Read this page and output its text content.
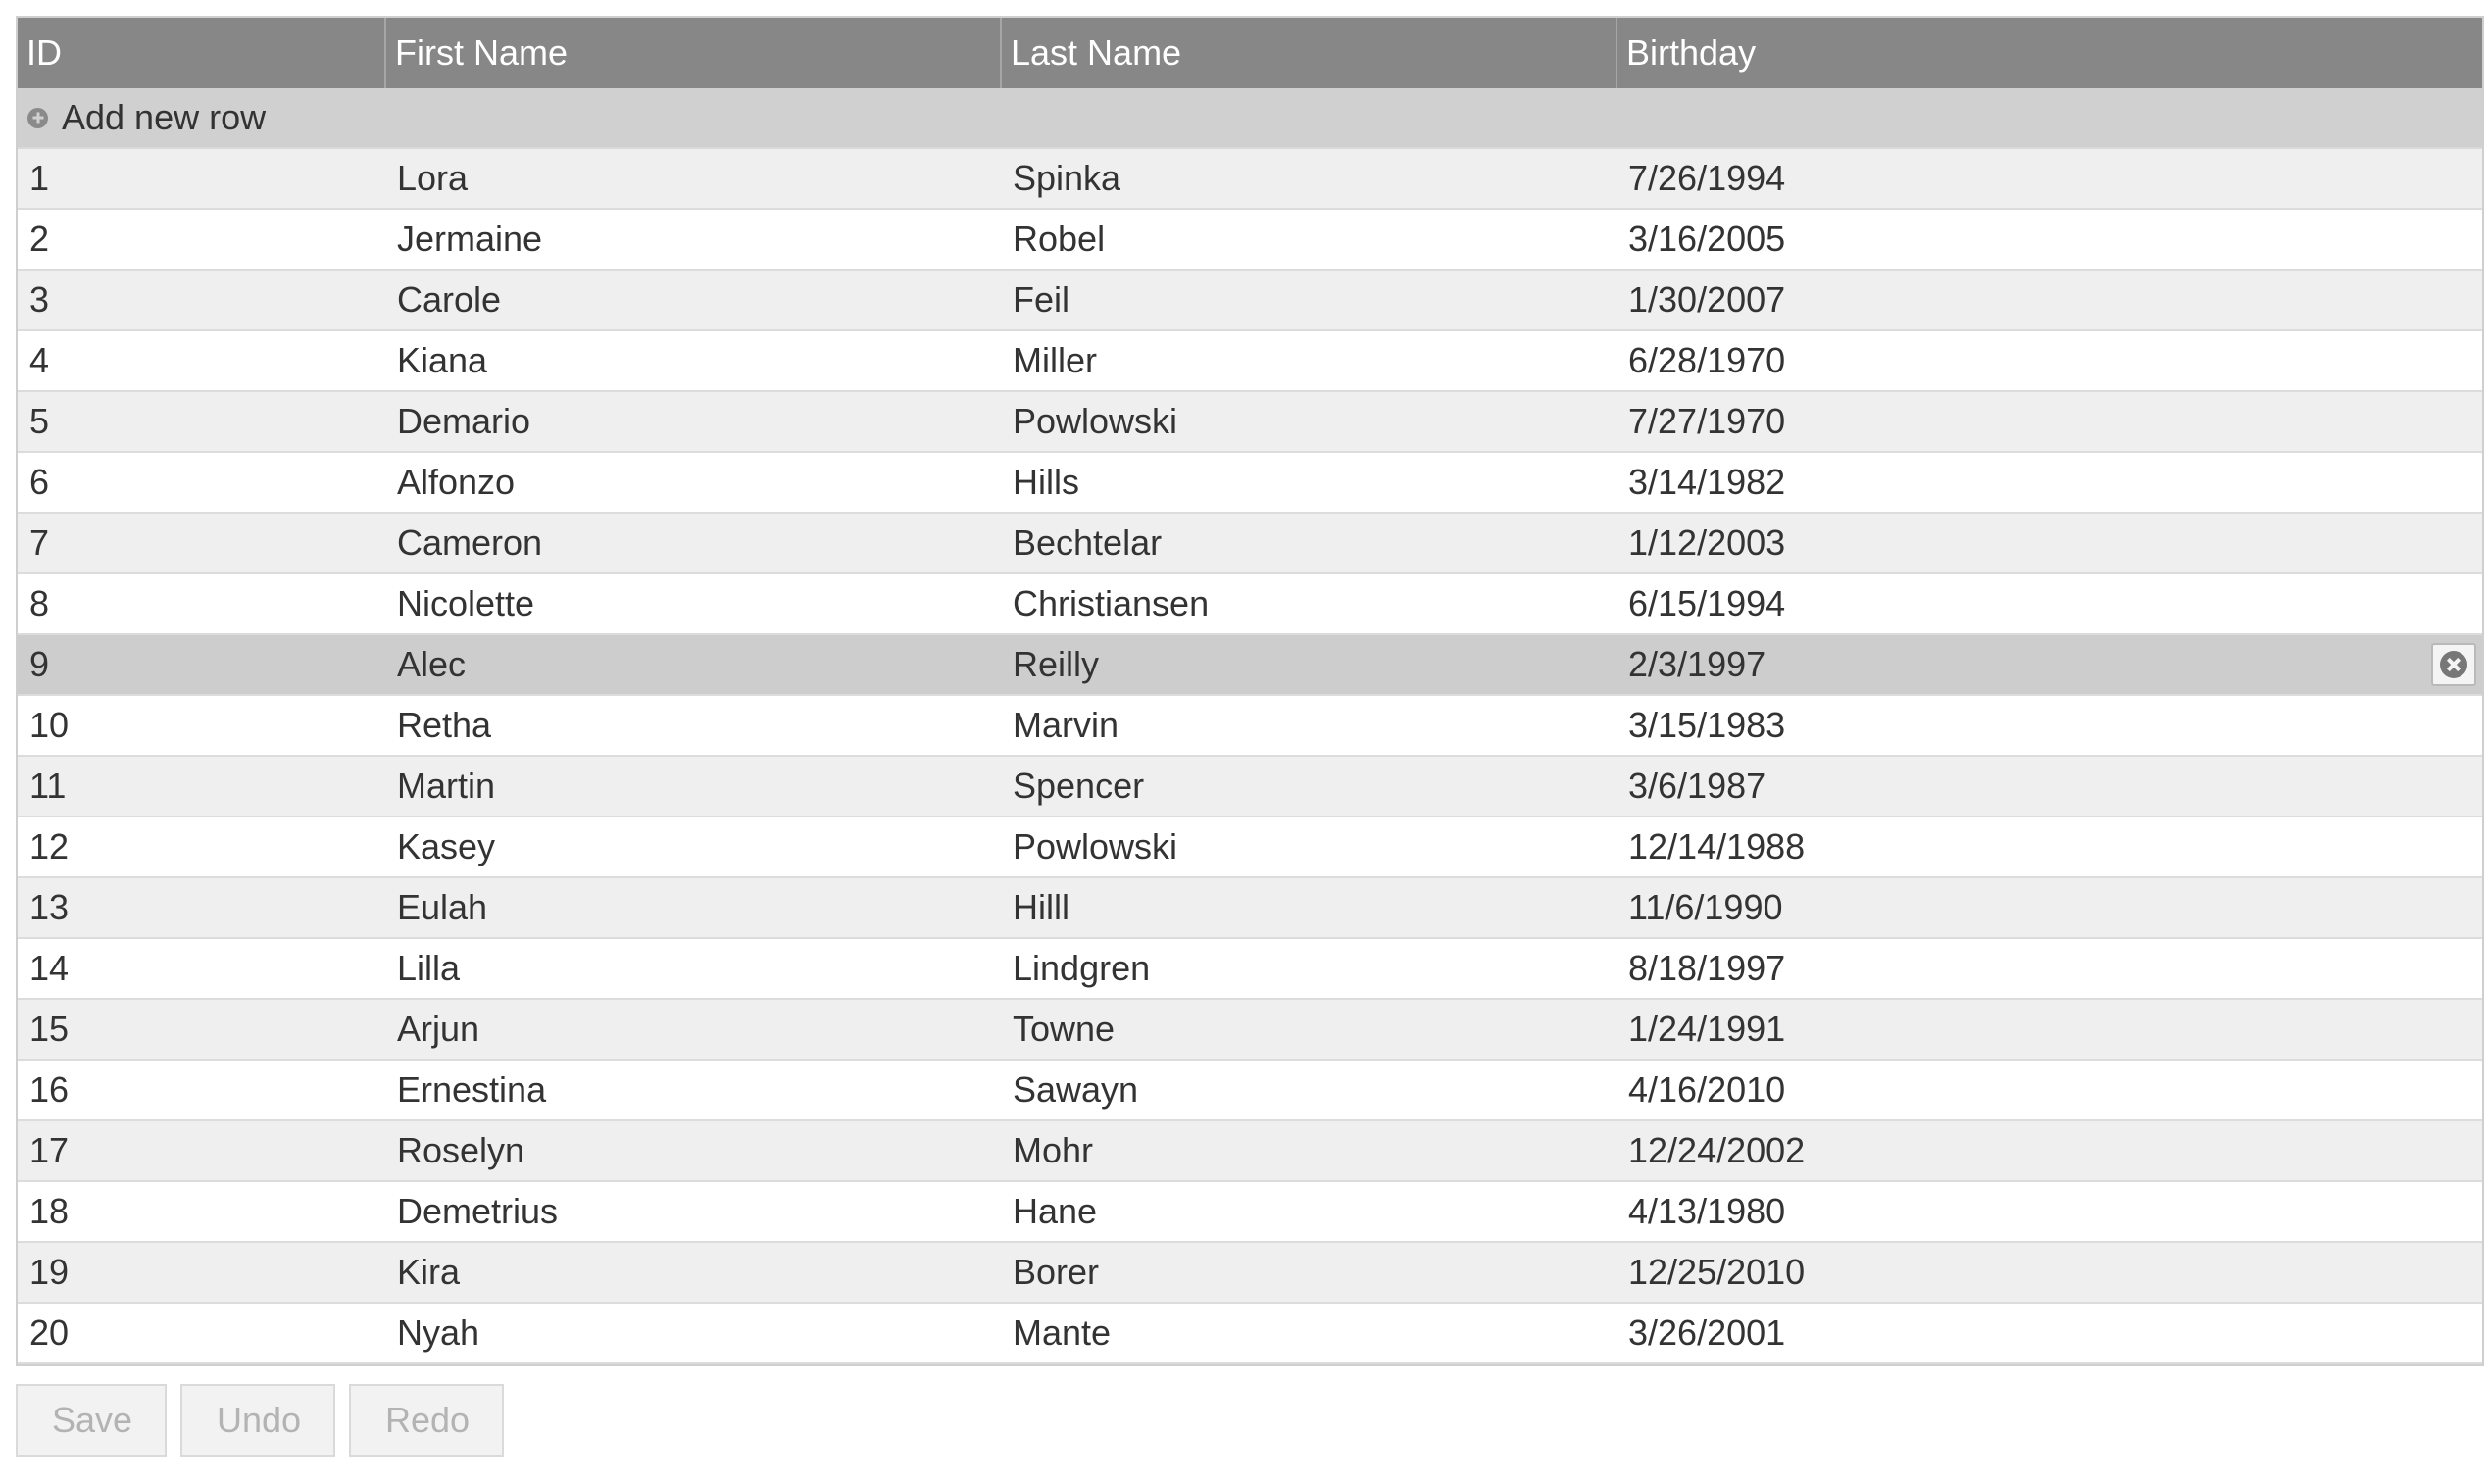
ID	First Name	Last Name	Birthday

Add new row			

1	Lora	Spinka	7/26/1994
2	Jermaine	Robel	3/16/2005
3	Carole	Feil	1/30/2007
4	Kiana	Miller	6/28/1970
5	Demario	Powlowski	7/27/1970
6	Alfonzo	Hills	3/14/1982
7	Cameron	Bechtelar	1/12/2003
8	Nicolette	Christiansen	6/15/1994
9	Alec	Reilly	2/3/1997

10	Retha	Marvin	3/15/1983
11	Martin	Spencer	3/6/1987
12	Kasey	Powlowski	12/14/1988
13	Eulah	Hilll	11/6/1990
14	Lilla	Lindgren	8/18/1997
15	Arjun	Towne	1/24/1991
16	Ernestina	Sawayn	4/16/2010
17	Roselyn	Mohr	12/24/2002
18	Demetrius	Hane	4/13/1980
19	Kira	Borer	12/25/2010
20	Nyah	Mante	3/26/2001
Save	Undo	Redo
